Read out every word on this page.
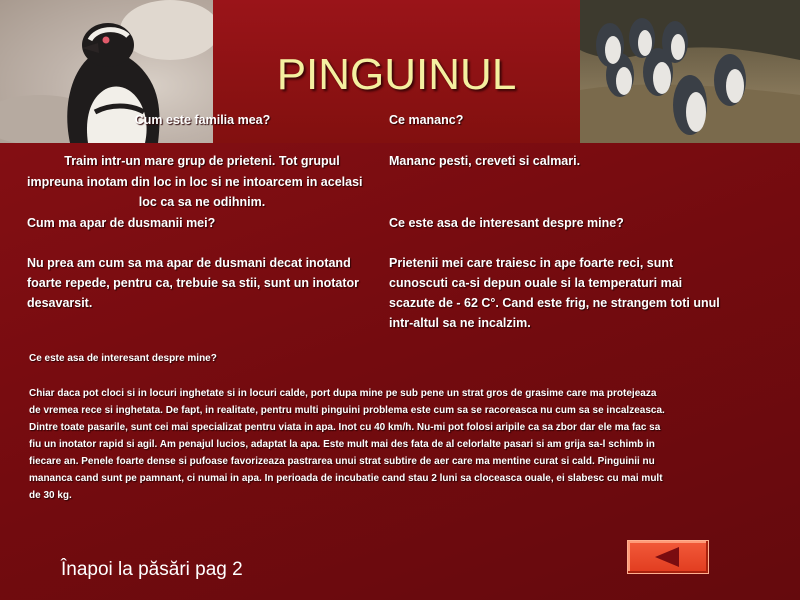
PINGUINUL
Cum este familia mea?
Traim intr-un mare grup de prieteni. Tot grupul
impreuna inotam din loc in loc si ne intoarcem in acelasi
loc ca sa ne odihnim.
Cum ma apar de dusmanii mei?
Nu prea am cum sa ma apar de dusmani decat inotand
foarte repede, pentru ca, trebuie sa stii, sunt un inotator
desavarsit.
Ce mananc?
Mananc pesti, creveti si calmari.
Ce este asa de interesant despre mine?
Prietenii mei care traiesc in ape foarte reci, sunt
cunoscuti ca-si depun ouale si la temperaturi mai
scazute de - 62 C°. Cand este frig, ne strangem toti unul
intr-altul sa ne incalzim.
Ce este asa de interesant despre mine?
Chiar daca pot cloci si in locuri inghetate si in locuri calde, port dupa mine pe sub pene un strat gros de grasime care ma protejeaza
de vremea rece si inghetata. De fapt, in realitate, pentru multi pinguini problema este cum sa se racoreasca nu cum sa se incalzeasca.
Dintre toate pasarile, sunt cei mai specializat pentru viata in apa. Inot cu 40 km/h. Nu-mi pot folosi aripile ca sa zbor dar ele ma fac sa
fiu un inotator rapid si agil. Am penajul lucios, adaptat la apa. Este mult mai des fata de al celorlalte pasari si am grija sa-l schimb in
fiecare an. Penele foarte dense si pufoase favorizeaza pastrarea unui strat subtire de aer care ma mentine curat si cald. Pinguinii nu
mananca cand sunt pe pamnant, ci numai in apa. In perioada de incubatie cand stau 2 luni sa cloceasca ouale, ei slabesc cu mai mult
de 30 kg.
Înapoi la păsări pag 2
